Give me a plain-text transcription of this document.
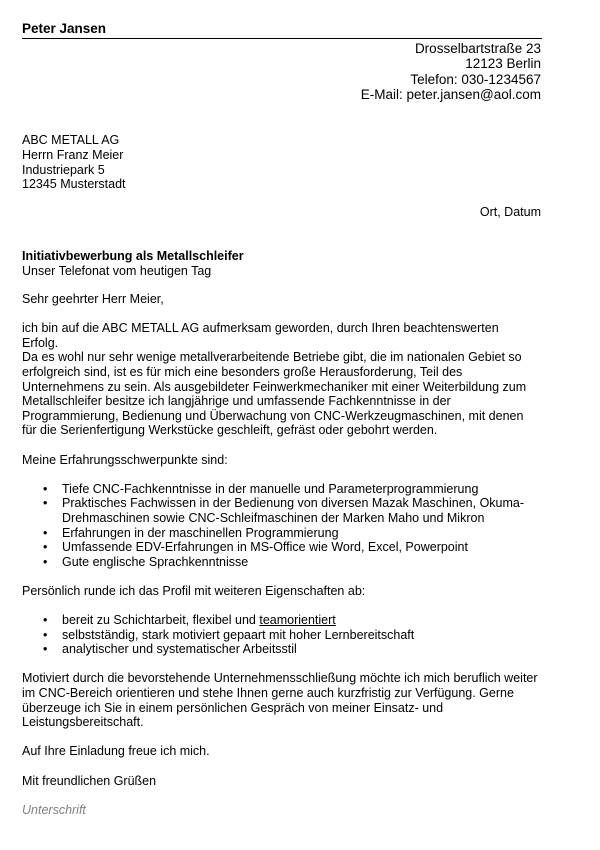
Peter Jansen
Drosselbartstraße 23
12123 Berlin
Telefon: 030-1234567
E-Mail: peter.jansen@aol.com
ABC METALL AG
Herrn Franz Meier
Industriepark 5
12345 Musterstadt
Ort, Datum
Initiativbewerbung als Metallschleifer
Unser Telefonat vom heutigen Tag

Sehr geehrter Herr Meier,

ich bin auf die ABC METALL AG aufmerksam geworden, durch Ihren beachtenswerten Erfolg.

Da es wohl nur sehr wenige metallverarbeitende Betriebe gibt, die im nationalen Gebiet so erfolgreich sind, ist es für mich eine besonders große Herausforderung, Teil des Unternehmens zu sein. Als ausgebildeter Feinwerkmechaniker mit einer Weiterbildung zum Metallschleifer besitze ich langjährige und umfassende Fachkenntnisse in der Programmierung, Bedienung und Überwachung von CNC-Werkzeugmaschinen, mit denen für die Serienfertigung Werkstücke geschleift, gefräst oder gebohrt werden.

Meine Erfahrungsschwerpunkte sind:

• Tiefe CNC-Fachkenntnisse in der manuelle und Parameterprogrammierung
• Praktisches Fachwissen in der Bedienung von diversen Mazak Maschinen, Okuma-Drehmaschinen sowie CNC-Schleifmaschinen der Marken Maho und Mikron
• Erfahrungen in der maschinellen Programmierung
• Umfassende EDV-Erfahrungen in MS-Office wie Word, Excel, Powerpoint
• Gute englische Sprachkenntnisse

Persönlich runde ich das Profil mit weiteren Eigenschaften ab:

• bereit zu Schichtarbeit, flexibel und teamorientiert
• selbstständig, stark motiviert gepaart mit hoher Lernbereitschaft
• analytischer und systematischer Arbeitsstil

Motiviert durch die bevorstehende Unternehmensschließung möchte ich mich beruflich weiter im CNC-Bereich orientieren und stehe Ihnen gerne auch kurzfristig zur Verfügung. Gerne überzeuge ich Sie in einem persönlichen Gespräch von meiner Einsatz- und Leistungsbereitschaft.

Auf Ihre Einladung freue ich mich.

Mit freundlichen Grüßen

Unterschrift
